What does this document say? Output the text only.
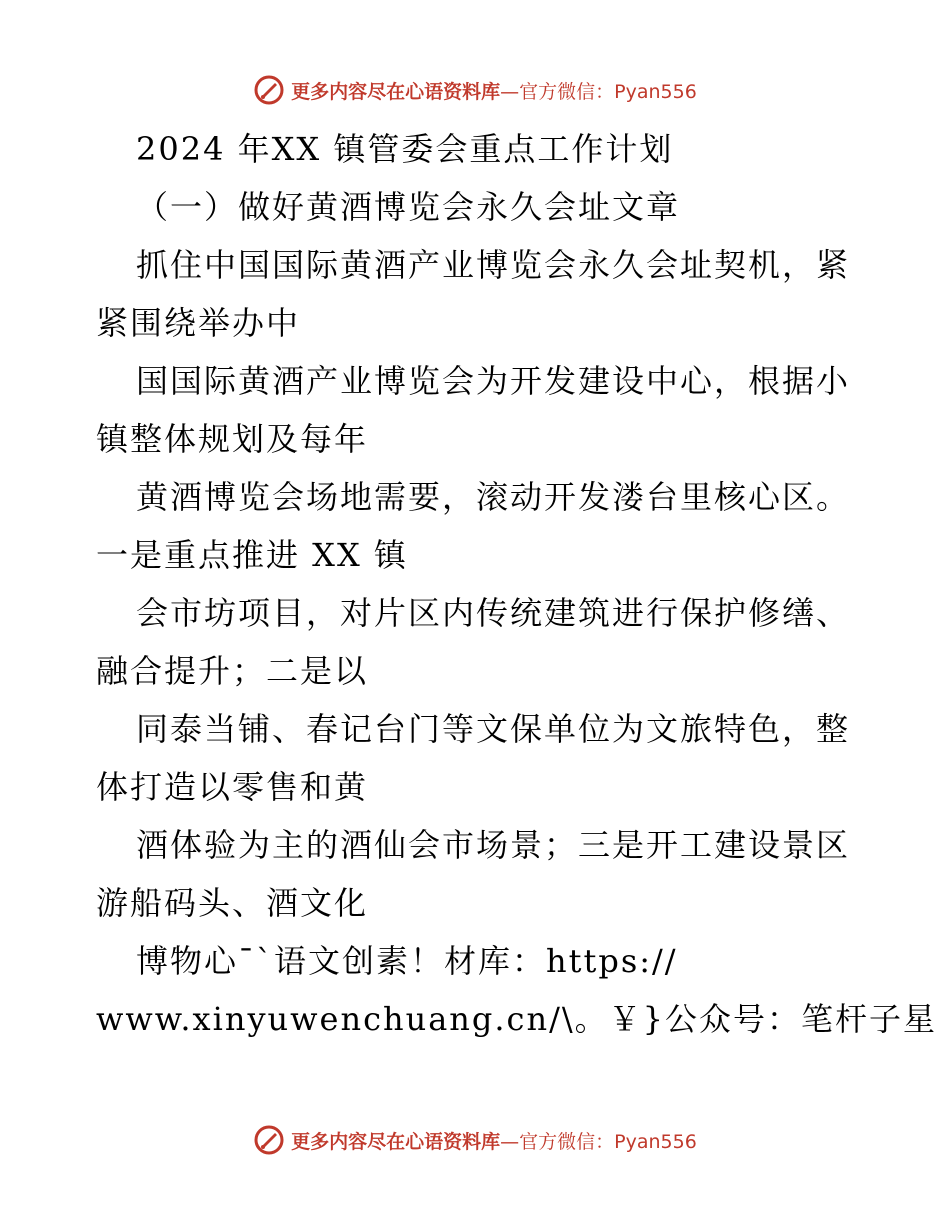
更多内容尽在心语资料库—官方微信：Pyan556
2024 年XX 镇管委会重点工作计划
（一）做好黄酒博览会永久会址文章
抓住中国国际黄酒产业博览会永久会址契机，紧
紧围绕举办中
国国际黄酒产业博览会为开发建设中心，根据小
镇整体规划及每年
黄酒博览会场地需要，滚动开发溇台里核心区。
一是重点推进 XX 镇
会市坊项目，对片区内传统建筑进行保护修缮、
融合提升；二是以
同泰当铺、春记台门等文保单位为文旅特色，整
体打造以零售和黄
酒体验为主的酒仙会市场景；三是开工建设景区
游船码头、酒文化
博物心¯`语文创素！材库：https://
www.xinyuwenchuang.cn/\。￥}公众号：笔杆子星
更多内容尽在心语资料库—官方微信：Pyan556
